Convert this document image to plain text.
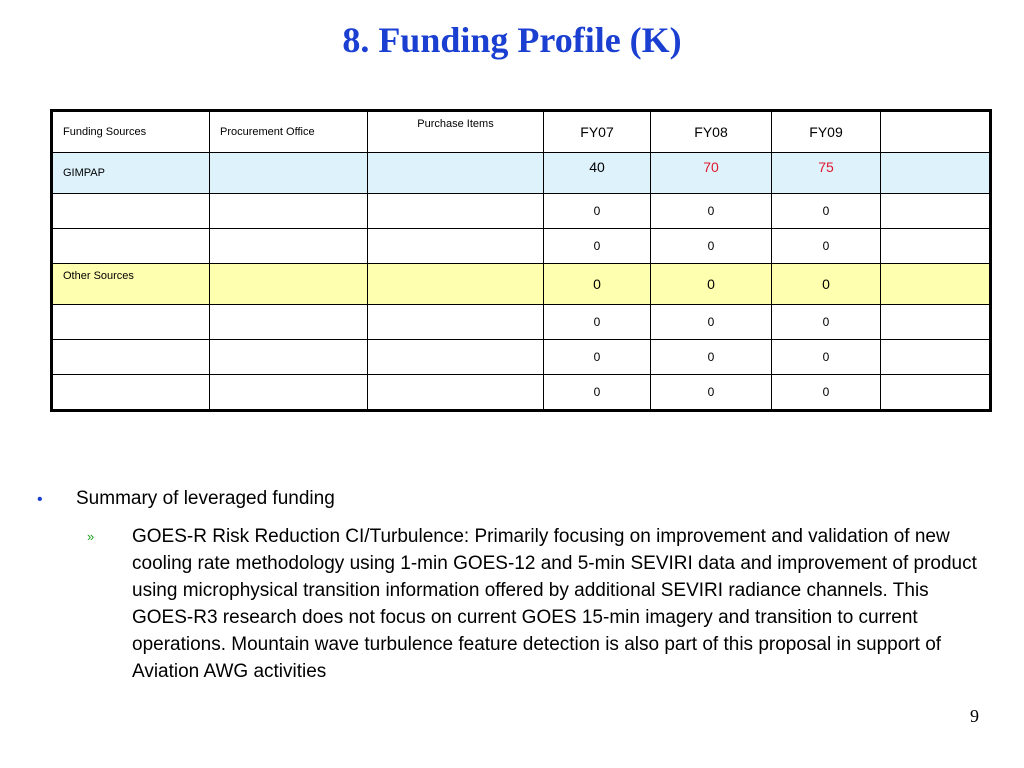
8. Funding Profile (K)
Funding Sources	Procurement Office	Purchase Items	FY07	FY08	FY09	
GIMPAP			40	70	75	
			0	0	0	
			0	0	0	
Other Sources			0	0	0	
			0	0	0	
			0	0	0	
			0	0	0	
•	Summary of leveraged funding
»	GOES-R Risk Reduction CI/Turbulence: Primarily focusing on improvement and validation of new cooling rate methodology using 1-min GOES-12 and 5-min SEVIRI data and improvement of product using microphysical transition information offered by additional SEVIRI radiance channels. This GOES-R3 research does not focus on current GOES 15-min imagery and transition to current operations. Mountain wave turbulence feature detection is also part of this proposal in support of Aviation AWG activities
9
